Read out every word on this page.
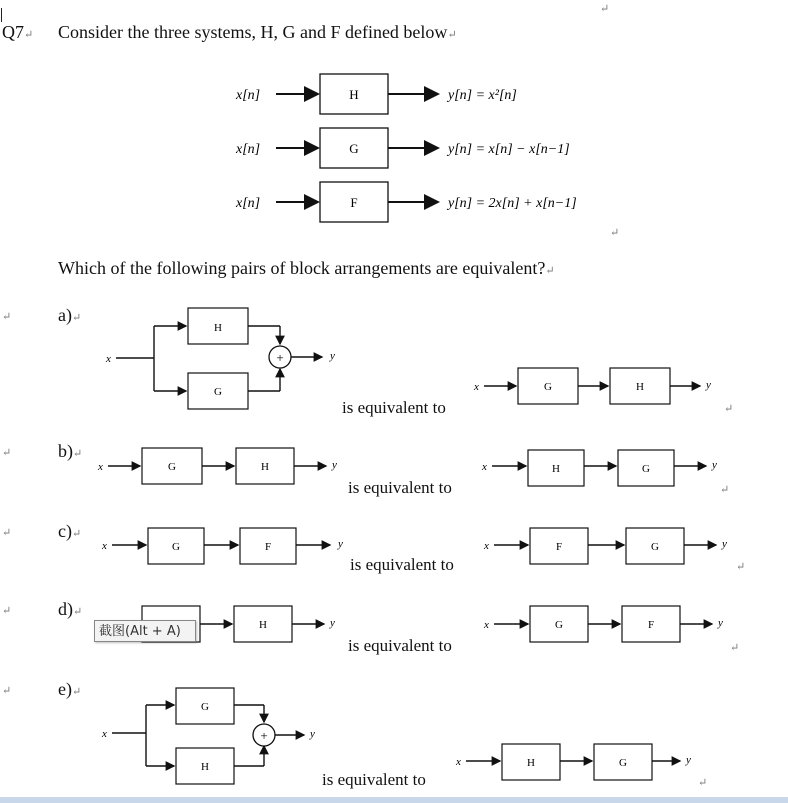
↵
Q7↵ Consider the three systems, H, G and F defined below↵
x[n]	H	y[n] = x²[n]
x[n]	G	y[n] = x[n] − x[n−1]
x[n]	F	y[n] = 2x[n] + x[n−1]
↵
Which of the following pairs of block arrangements are equivalent?↵
↵	a)↵
x
H
G
+	y
x	G	H	y
is equivalent to	↵
↵	b)↵
x	G	H	y	x	H	G	y
is equivalent to	↵
↵	c)↵
x	G	F	y	x	F	G	y
is equivalent to	↵
↵	d)↵
H	y	x	G	F	y
截图(Alt + A)
is equivalent to	↵
↵	e)↵
x
G
H
+	y
x	H	G	y
is equivalent to	↵
